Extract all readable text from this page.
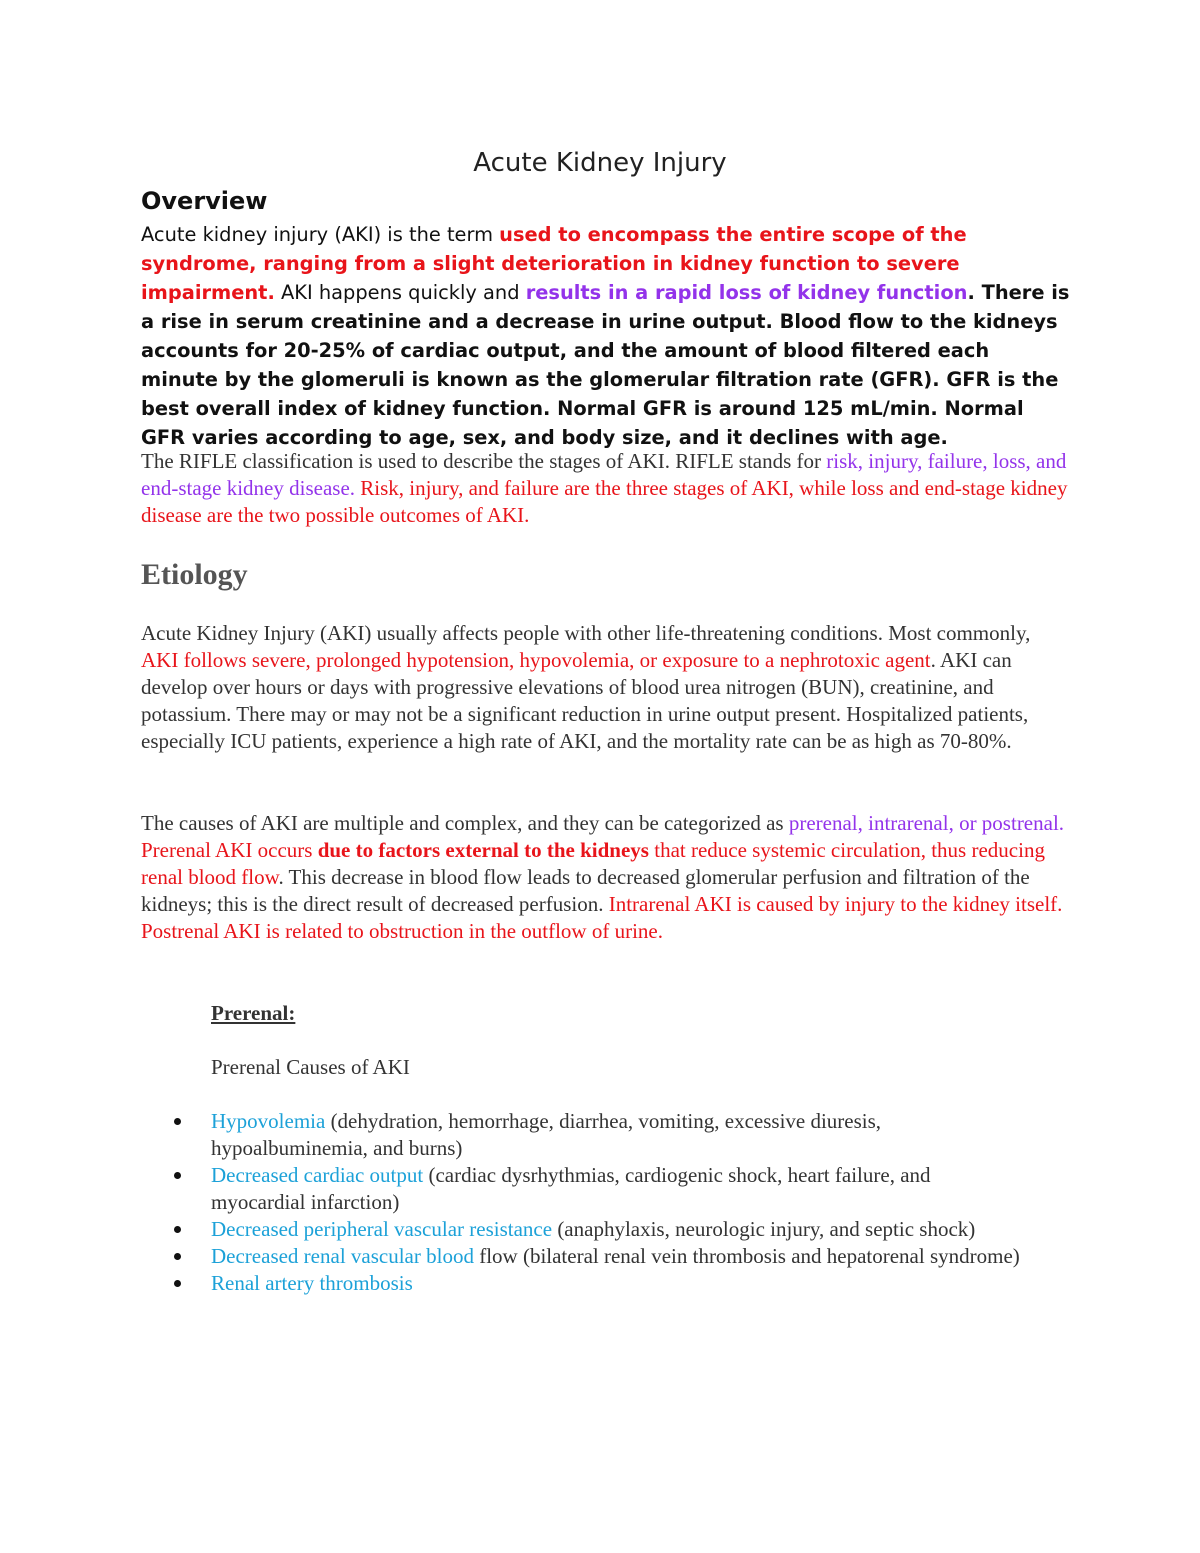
Acute Kidney Injury
Overview
Acute kidney injury (AKI) is the term used to encompass the entire scope of the syndrome, ranging from a slight deterioration in kidney function to severe impairment. AKI happens quickly and results in a rapid loss of kidney function. There is a rise in serum creatinine and a decrease in urine output. Blood flow to the kidneys accounts for 20-25% of cardiac output, and the amount of blood filtered each minute by the glomeruli is known as the glomerular filtration rate (GFR). GFR is the best overall index of kidney function. Normal GFR is around 125 mL/min. Normal GFR varies according to age, sex, and body size, and it declines with age.
The RIFLE classification is used to describe the stages of AKI. RIFLE stands for risk, injury, failure, loss, and end-stage kidney disease. Risk, injury, and failure are the three stages of AKI, while loss and end-stage kidney disease are the two possible outcomes of AKI.
Etiology
Acute Kidney Injury (AKI) usually affects people with other life-threatening conditions. Most commonly, AKI follows severe, prolonged hypotension, hypovolemia, or exposure to a nephrotoxic agent. AKI can develop over hours or days with progressive elevations of blood urea nitrogen (BUN), creatinine, and potassium. There may or may not be a significant reduction in urine output present. Hospitalized patients, especially ICU patients, experience a high rate of AKI, and the mortality rate can be as high as 70-80%.
The causes of AKI are multiple and complex, and they can be categorized as prerenal, intrarenal, or postrenal. Prerenal AKI occurs due to factors external to the kidneys that reduce systemic circulation, thus reducing renal blood flow. This decrease in blood flow leads to decreased glomerular perfusion and filtration of the kidneys; this is the direct result of decreased perfusion. Intrarenal AKI is caused by injury to the kidney itself. Postrenal AKI is related to obstruction in the outflow of urine.
Prerenal:
Prerenal Causes of AKI
Hypovolemia (dehydration, hemorrhage, diarrhea, vomiting, excessive diuresis, hypoalbuminemia, and burns)
Decreased cardiac output (cardiac dysrhythmias, cardiogenic shock, heart failure, and myocardial infarction)
Decreased peripheral vascular resistance (anaphylaxis, neurologic injury, and septic shock)
Decreased renal vascular blood flow (bilateral renal vein thrombosis and hepatorenal syndrome)
Renal artery thrombosis
